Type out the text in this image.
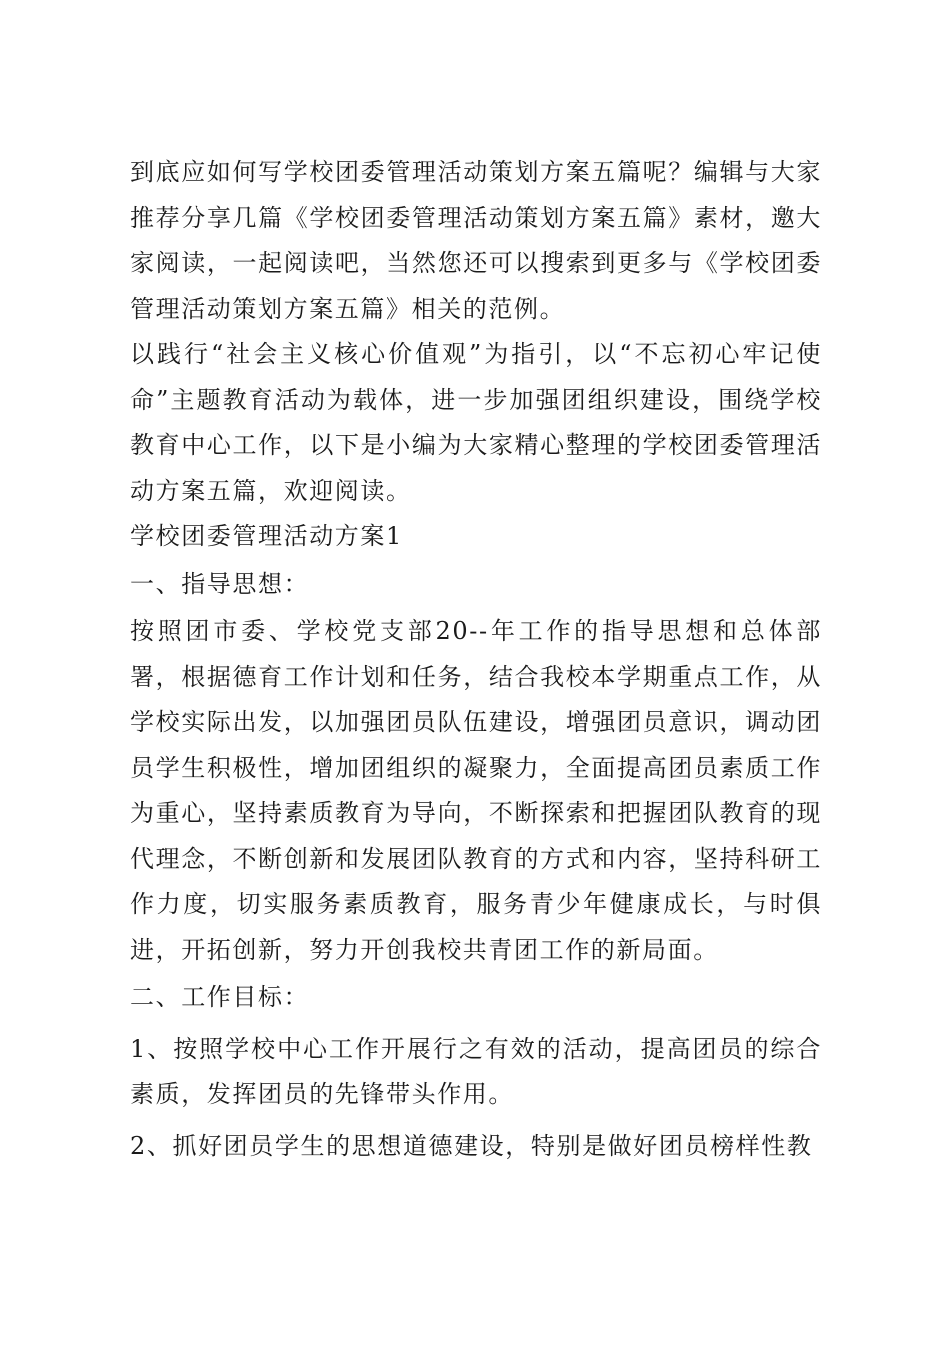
到底应如何写学校团委管理活动策划方案五篇呢？编辑与大家推荐分享几篇《学校团委管理活动策划方案五篇》素材，邀大家阅读，一起阅读吧，当然您还可以搜索到更多与《学校团委管理活动策划方案五篇》相关的范例。

以践行“社会主义核心价值观”为指引，以“不忘初心牢记使命”主题教育活动为载体，进一步加强团组织建设，围绕学校教育中心工作，以下是小编为大家精心整理的学校团委管理活动方案五篇，欢迎阅读。

学校团委管理活动方案1

一、指导思想：

按照团市委、学校党支部20--年工作的指导思想和总体部署，根据德育工作计划和任务，结合我校本学期重点工作，从学校实际出发，以加强团员队伍建设，增强团员意识，调动团员学生积极性，增加团组织的凝聚力，全面提高团员素质工作为重心，坚持素质教育为导向，不断探索和把握团队教育的现代理念，不断创新和发展团队教育的方式和内容，坚持科研工作力度，切实服务素质教育，服务青少年健康成长，与时俱进，开拓创新，努力开创我校共青团工作的新局面。

二、工作目标：

1、按照学校中心工作开展行之有效的活动，提高团员的综合素质，发挥团员的先锋带头作用。

2、抓好团员学生的思想道德建设，特别是做好团员榜样性教
